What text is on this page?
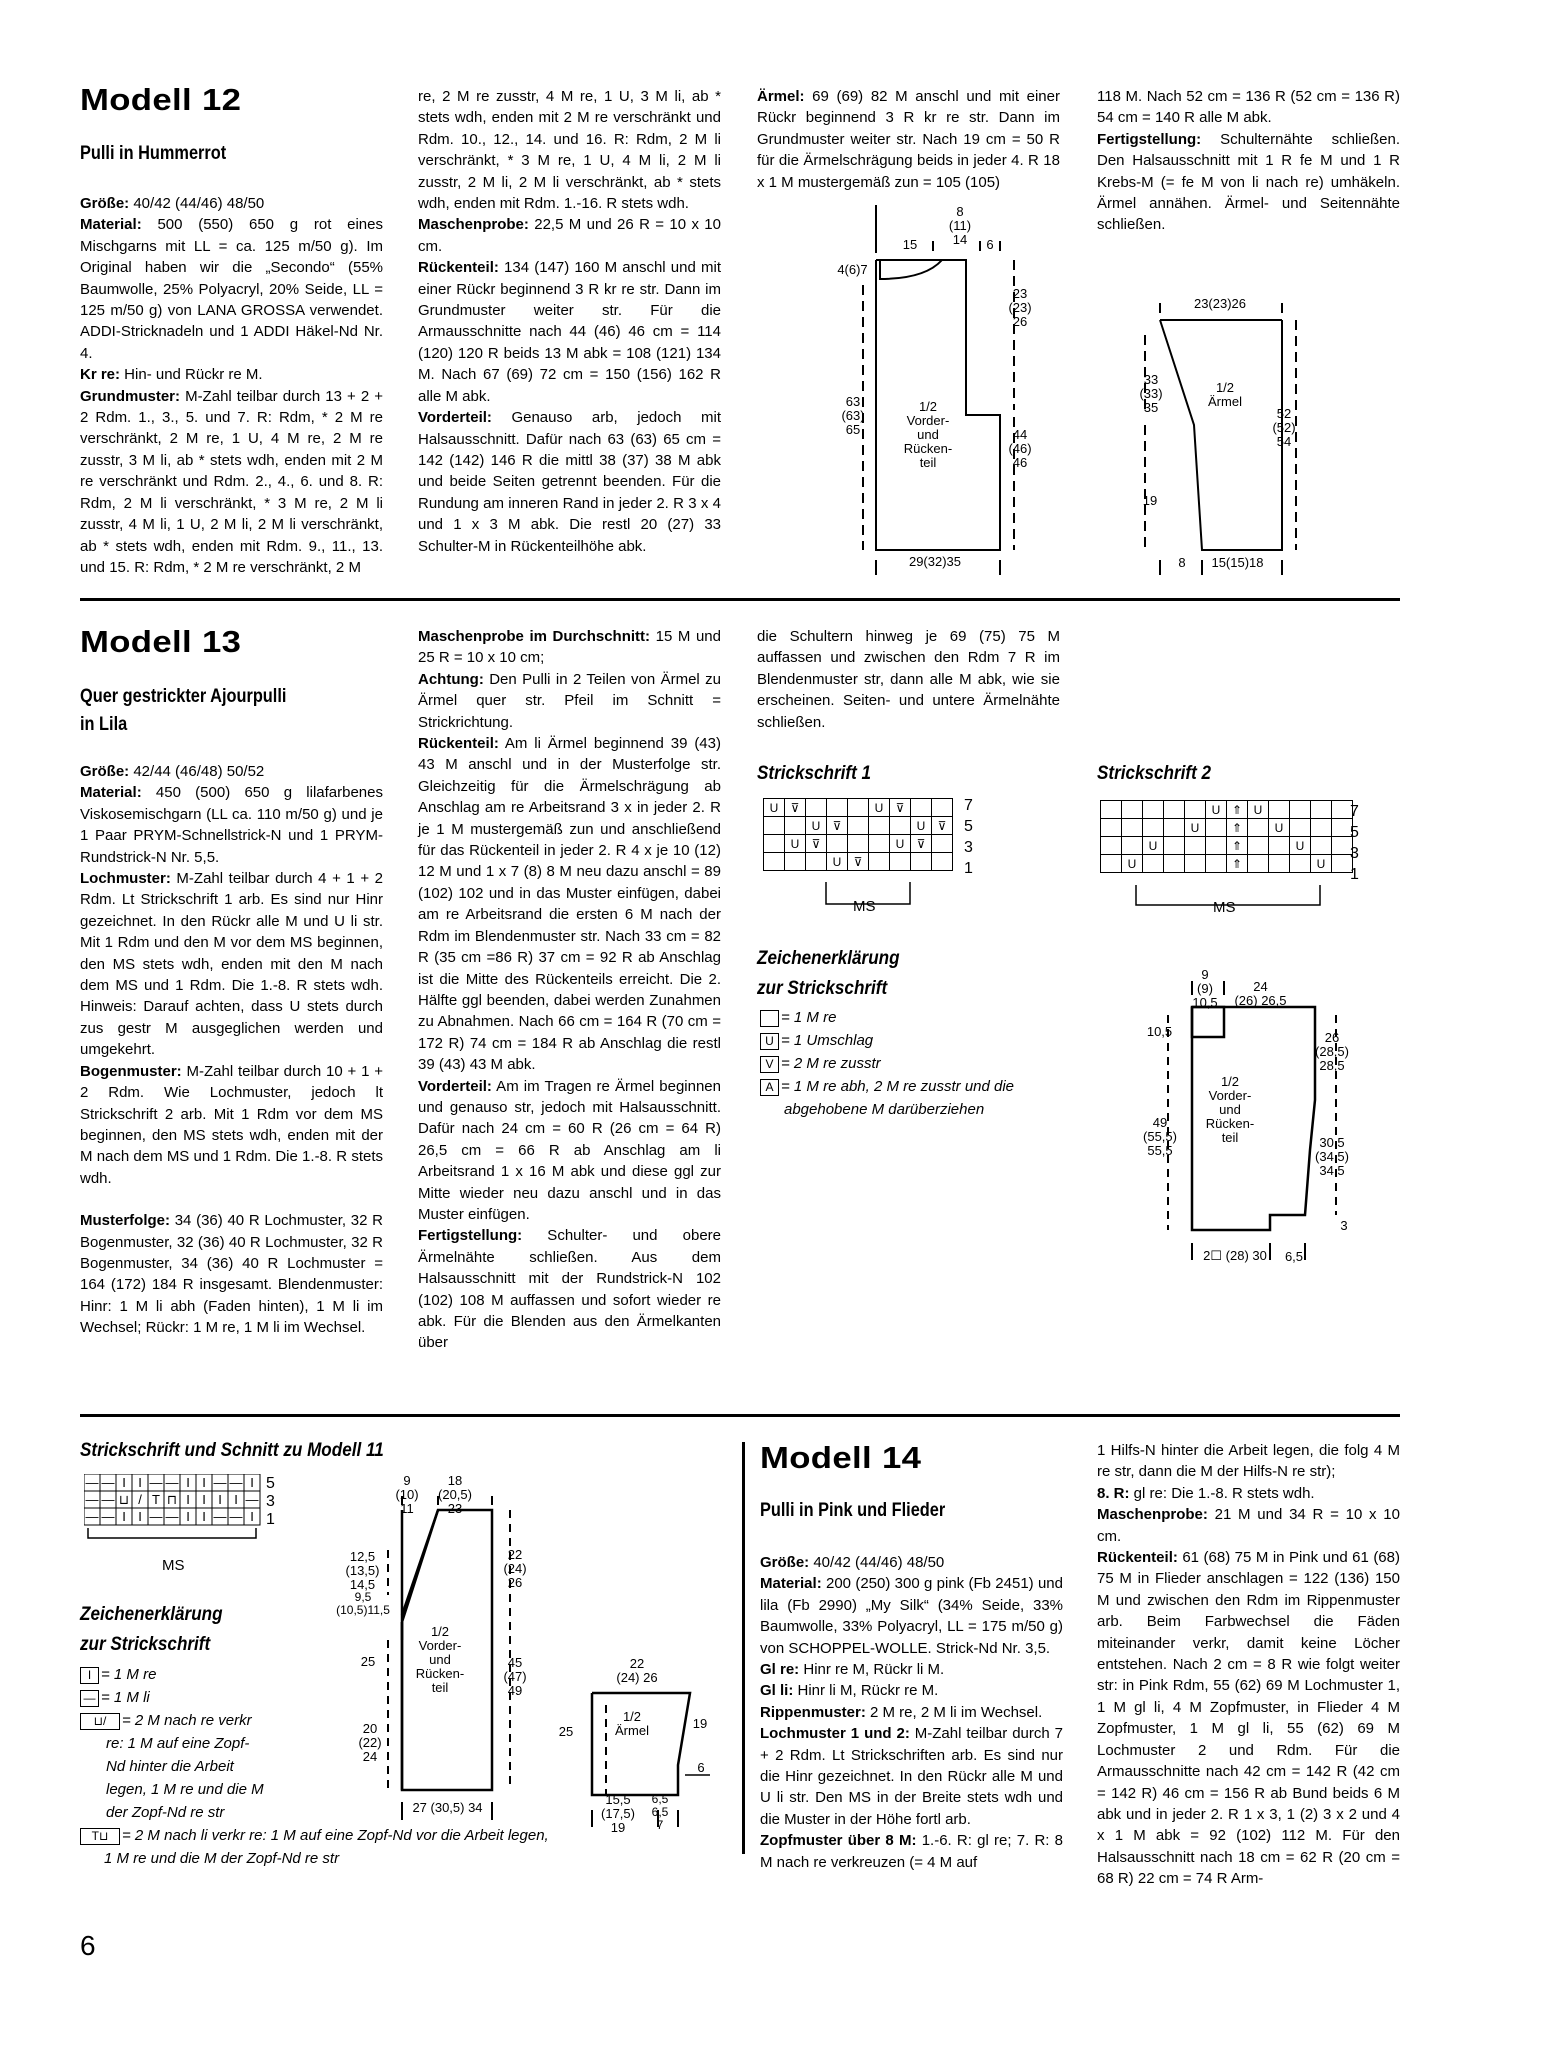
Modell 12
Pulli in Hummerrot

Größe: 40/42 (44/46) 48/50

Material: 500 (550) 650 g rot eines Mischgarns mit LL = ca. 125 m/50 g). Im Original haben wir die „Secondo“ (55% Baumwolle, 25% Polyacryl, 20% Seide, LL = 125 m/50 g) von LANA GROSSA verwendet. ADDI-Stricknadeln und 1 ADDI Häkel-Nd Nr. 4.

Kr re: Hin- und Rückr re M.

Grundmuster: M-Zahl teilbar durch 13 + 2 + 2 Rdm. 1., 3., 5. und 7. R: Rdm, * 2 M re verschränkt, 2 M re, 1 U, 4 M re, 2 M re zusstr, 3 M li, ab * stets wdh, enden mit 2 M re verschränkt und Rdm. 2., 4., 6. und 8. R: Rdm, 2 M li verschränkt, * 3 M re, 2 M li zusstr, 4 M li, 1 U, 2 M li, 2 M li verschränkt, ab * stets wdh, enden mit Rdm. 9., 11., 13. und 15. R: Rdm, * 2 M re verschränkt, 2 M

re, 2 M re zusstr, 4 M re, 1 U, 3 M li, ab * stets wdh, enden mit 2 M re verschränkt und Rdm. 10., 12., 14. und 16. R: Rdm, 2 M li verschränkt, * 3 M re, 1 U, 4 M li, 2 M li zusstr, 2 M li, 2 M li verschränkt, ab * stets wdh, enden mit Rdm. 1.-16. R stets wdh.

Maschenprobe: 22,5 M und 26 R = 10 x 10 cm.

Rückenteil: 134 (147) 160 M anschl und mit einer Rückr beginnend 3 R kr re str. Dann im Grundmuster weiter str. Für die Armausschnitte nach 44 (46) 46 cm = 114 (120) 120 R beids 13 M abk = 108 (121) 134 M. Nach 67 (69) 72 cm = 150 (156) 162 R alle M abk.

Vorderteil: Genauso arb, jedoch mit Halsausschnitt. Dafür nach 63 (63) 65 cm = 142 (142) 146 R die mittl 38 (37) 38 M abk und beide Seiten getrennt beenden. Für die Rundung am inneren Rand in jeder 2. R 3 x 4 und 1 x 3 M abk. Die restl 20 (27) 33 Schulter-M in Rückenteilhöhe abk.

Ärmel: 69 (69) 82 M anschl und mit einer Rückr beginnend 3 R kr re str. Dann im Grundmuster weiter str. Nach 19 cm = 50 R für die Ärmelschrägung beids in jeder 4. R 18 x 1 M mustergemäß zun = 105 (105)

118 M. Nach 52 cm = 136 R (52 cm = 136 R) 54 cm = 140 R alle M abk.

Fertigstellung: Schulternähte schließen. Den Halsausschnitt mit 1 R fe M und 1 R Krebs-M (= fe M von li nach re) umhäkeln. Ärmel annähen. Ärmel- und Seitennähte schließen.

8
(11)
14
15	6
4(6)7
23
(23)
26
63
(63)
65
1/2
Vorder-
und
Rücken-
teil
44
(46)
46
29(32)35
23(23)26
33
(33)
35
1/2
Ärmel
52
(52)
54
19
8	15(15)18
Modell 13
Quer gestrickter Ajourpulli
in Lila

Größe: 42/44 (46/48) 50/52

Material: 450 (500) 650 g lilafarbenes Viskosemischgarn (LL ca. 110 m/50 g) und je 1 Paar PRYM-Schnellstrick-N und 1 PRYM- Rundstrick-N Nr. 5,5.

Lochmuster: M-Zahl teilbar durch 4 + 1 + 2 Rdm. Lt Strickschrift 1 arb. Es sind nur Hinr gezeichnet. In den Rückr alle M und U li str. Mit 1 Rdm und den M vor dem MS beginnen, den MS stets wdh, enden mit den M nach dem MS und 1 Rdm. Die 1.-8. R stets wdh. Hinweis: Darauf achten, dass U stets durch zus gestr M ausgeglichen werden und umgekehrt.

Bogenmuster: M-Zahl teilbar durch 10 + 1 + 2 Rdm. Wie Lochmuster, jedoch lt Strickschrift 2 arb. Mit 1 Rdm vor dem MS beginnen, den MS stets wdh, enden mit der M nach dem MS und 1 Rdm. Die 1.-8. R stets wdh.

Musterfolge: 34 (36) 40 R Lochmuster, 32 R Bogenmuster, 32 (36) 40 R Lochmuster, 32 R Bogenmuster, 34 (36) 40 R Lochmuster = 164 (172) 184 R insgesamt. Blendenmuster: Hinr: 1 M li abh (Faden hinten), 1 M li im Wechsel; Rückr: 1 M re, 1 M li im Wechsel.

Maschenprobe im Durchschnitt: 15 M und 25 R = 10 x 10 cm;

Achtung: Den Pulli in 2 Teilen von Ärmel zu Ärmel quer str. Pfeil im Schnitt = Strickrichtung.

Rückenteil: Am li Ärmel beginnend 39 (43) 43 M anschl und in der Musterfolge str. Gleichzeitig für die Ärmelschrägung ab Anschlag am re Arbeitsrand 3 x in jeder 2. R je 1 M mustergemäß zun und anschließend für das Rückenteil in jeder 2. R 4 x je 10 (12) 12 M und 1 x 7 (8) 8 M neu dazu anschl = 89 (102) 102 und in das Muster einfügen, dabei am re Arbeitsrand die ersten 6 M nach der Rdm im Blendenmuster str. Nach 33 cm = 82 R (35 cm =86 R) 37 cm = 92 R ab Anschlag ist die Mitte des Rückenteils erreicht. Die 2. Hälfte ggl beenden, dabei werden Zunahmen zu Abnahmen. Nach 66 cm = 164 R (70 cm = 172 R) 74 cm = 184 R ab Anschlag die restl 39 (43) 43 M abk.

Vorderteil: Am im Tragen re Ärmel beginnen und genauso str, jedoch mit Halsausschnitt. Dafür nach 24 cm = 60 R (26 cm = 64 R) 26,5 cm = 66 R ab Anschlag am li Arbeitsrand 1 x 16 M abk und diese ggl zur Mitte wieder neu dazu anschl und in das Muster einfügen.

Fertigstellung: Schulter- und obere Ärmelnähte schließen. Aus dem Halsausschnitt mit der Rundstrick-N 102 (102) 108 M auffassen und sofort wieder re abk. Für die Blenden aus den Ärmelkanten über

die Schultern hinweg je 69 (75) 75 M auffassen und zwischen den Rdm 7 R im Blendenmuster str, dann alle M abk, wie sie erscheinen. Seiten- und untere Ärmelnähte schließen.

Strickschrift 1
U	⊽				U	⊽		
		U	⊽				U	⊽
	U	⊽				U	⊽	
			U	⊽				
7
5
3
1
MS
Strickschrift 2
					U	⇑	U				
				U		⇑		U			
		U				⇑			U		
	U					⇑				U	
7
5
3
1
MS
Zeichenerklärung
zur Strickschrift
= 1 M re
U = 1 Umschlag
V = 2 M re zusstr
A = 1 M re abh, 2 M re zusstr und die
abgehobene M darüberziehen
9
(9)
10,5
24
(26) 26,5
10,5	26
(28,5)
28,5
1/2
Vorder-
und
Rücken-
teil
49
(55,5)
55,5
30,5
(34,5)
34,5
3
2☐ (28) 30	6,5
Strickschrift und Schnitt zu Modell 11
— — I I — — I I — — I
— — ⊔ / T ⊓ I I I I —
— — I I — — I I — — I
5
3
1
MS
Zeichenerklärung
zur Strickschrift
I = 1 M re
— = 1 M li
⊔/ = 2 M nach re verkr
re: 1 M auf eine Zopf-
Nd hinter die Arbeit
legen, 1 M re und die M
der Zopf-Nd re str
T⊔ = 2 M nach li verkr re: 1 M auf eine Zopf-Nd vor die Arbeit legen,
1 M re und die M der Zopf-Nd re str
9
(10)
11
18
(20,5)
23
12,5
(13,5)
14,5
9,5
(10,5)11,5
22
(24)
26
1/2
Vorder-
und
Rücken-
teil
25	45
(47)
49
20
(22)
24
27 (30,5) 34
22
(24) 26
1/2
Ärmel
25
19
6
15,5
(17,5)
19
6,5
6,5
7
Modell 14
Pulli in Pink und Flieder

Größe: 40/42 (44/46) 48/50

Material: 200 (250) 300 g pink (Fb 2451) und lila (Fb 2990) „My Silk“ (34% Seide, 33% Baumwolle, 33% Polyacryl, LL = 175 m/50 g) von SCHOPPEL-WOLLE. Strick-Nd Nr. 3,5.

Gl re: Hinr re M, Rückr li M.

Gl li: Hinr li M, Rückr re M.

Rippenmuster: 2 M re, 2 M li im Wechsel.

Lochmuster 1 und 2: M-Zahl teilbar durch 7 + 2 Rdm. Lt Strickschriften arb. Es sind nur die Hinr gezeichnet. In den Rückr alle M und U li str. Den MS in der Breite stets wdh und die Muster in der Höhe fortl arb.

Zopfmuster über 8 M: 1.-6. R: gl re; 7. R: 8 M nach re verkreuzen (= 4 M auf

1 Hilfs-N hinter die Arbeit legen, die folg 4 M re str, dann die M der Hilfs-N re str);

8. R: gl re: Die 1.-8. R stets wdh.

Maschenprobe: 21 M und 34 R = 10 x 10 cm.

Rückenteil: 61 (68) 75 M in Pink und 61 (68) 75 M in Flieder anschlagen = 122 (136) 150 M und zwischen den Rdm im Rippenmuster arb. Beim Farbwechsel die Fäden miteinander verkr, damit keine Löcher entstehen. Nach 2 cm = 8 R wie folgt weiter str: in Pink Rdm, 55 (62) 69 M Lochmuster 1, 1 M gl li, 4 M Zopfmuster, in Flieder 4 M Zopfmuster, 1 M gl li, 55 (62) 69 M Lochmuster 2 und Rdm. Für die Armausschnitte nach 42 cm = 142 R (42 cm = 142 R) 46 cm = 156 R ab Bund beids 6 M abk und in jeder 2. R 1 x 3, 1 (2) 3 x 2 und 4 x 1 M abk = 92 (102) 112 M. Für den Halsausschnitt nach 18 cm = 62 R (20 cm = 68 R) 22 cm = 74 R Arm-

6
